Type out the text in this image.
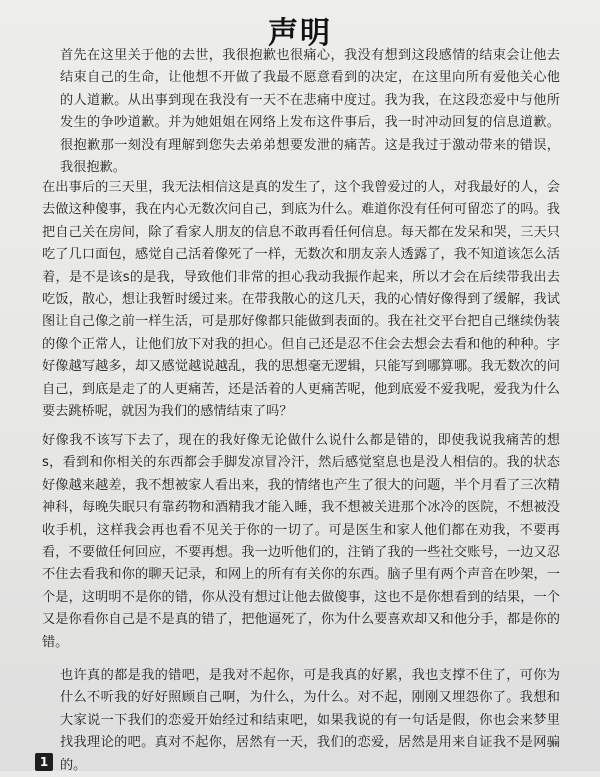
声明

首先在这里关于他的去世，我很抱歉也很痛心，我没有想到这段感情的结束会让他去结束自己的生命，让他想不开做了我最不愿意看到的决定，在这里向所有爱他关心他的人道歉。从出事到现在我没有一天不在悲痛中度过。我为我，在这段恋爱中与他所发生的争吵道歉。并为她姐姐在网络上发布这件事后，我一时冲动回复的信息道歉。很抱歉那一刻没有理解到您失去弟弟想要发泄的痛苦。这是我过于激动带来的错误，我很抱歉。

在出事后的三天里，我无法相信这是真的发生了，这个我曾爱过的人，对我最好的人，会去做这种傻事，我在内心无数次问自己，到底为什么。难道你没有任何可留恋了的吗。我把自己关在房间，除了看家人朋友的信息不敢再看任何信息。每天都在发呆和哭，三天只吃了几口面包，感觉自己活着像死了一样，无数次和朋友亲人透露了，我不知道该怎么活着，是不是该s的是我，导致他们非常的担心我动我振作起来，所以才会在后续带我出去吃饭，散心，想让我暂时缓过来。在带我散心的这几天，我的心情好像得到了缓解，我试图让自己像之前一样生活，可是那好像都只能做到表面的。我在社交平台把自己继续伪装的像个正常人，让他们放下对我的担心。但自己还是忍不住会去想会去看和他的种种。字好像越写越多，却又感觉越说越乱，我的思想毫无逻辑，只能写到哪算哪。我无数次的问自己，到底是走了的人更痛苦，还是活着的人更痛苦呢，他到底爱不爱我呢，爱我为什么要去跳桥呢，就因为我们的感情结束了吗？

好像我不该写下去了，现在的我好像无论做什么说什么都是错的，即使我说我痛苦的想s，看到和你相关的东西都会手脚发凉冒冷汗，然后感觉窒息也是没人相信的。我的状态好像越来越差，我不想被家人看出来，我的情绪也产生了很大的问题，半个月看了三次精神科，每晚失眠只有靠药物和酒精我才能入睡，我不想被关进那个冰冷的医院，不想被没收手机，这样我会再也看不见关于你的一切了。可是医生和家人他们都在劝我，不要再看，不要做任何回应，不要再想。我一边听他们的，注销了我的一些社交账号，一边又忍不住去看我和你的聊天记录，和网上的所有有关你的东西。脑子里有两个声音在吵架，一个是，这明明不是你的错，你从没有想过让他去做傻事，这也不是你想看到的结果，一个又是你看你自己是不是真的错了，把他逼死了，你为什么要喜欢却又和他分手，都是你的错。

也许真的都是我的错吧，是我对不起你，可是我真的好累，我也支撑不住了，可你为什么不听我的好好照顾自己啊，为什么，为什么。对不起，刚刚又埋怨你了。我想和大家说一下我们的恋爱开始经过和结束吧，如果我说的有一句话是假，你也会来梦里找我理论的吧。真对不起你，居然有一天，我们的恋爱，居然是用来自证我不是网骗的。

1
